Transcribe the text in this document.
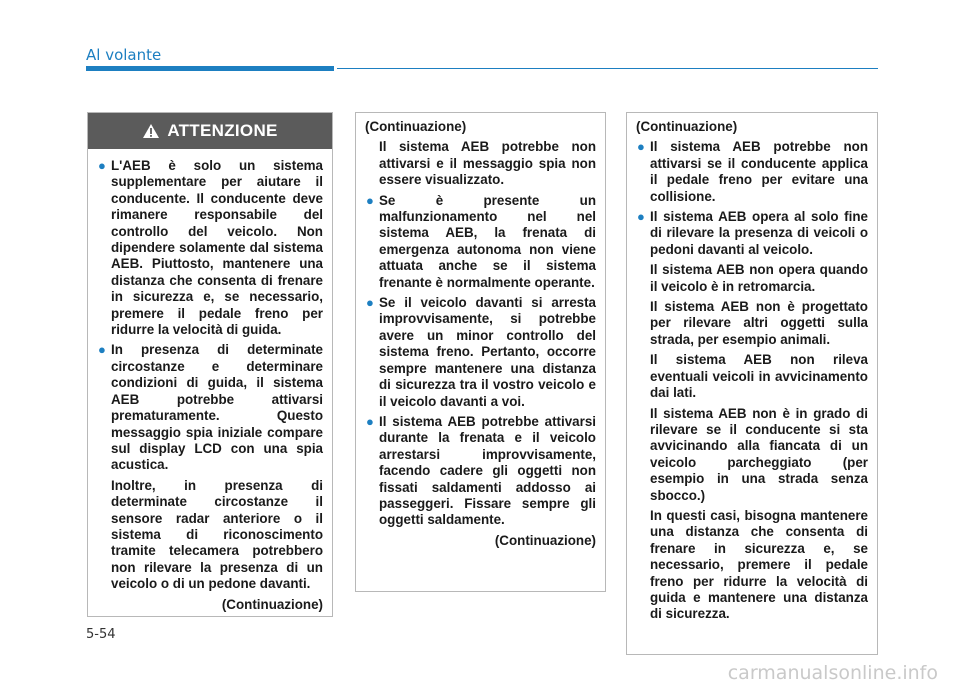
Al volante
ATTENZIONE
● L'AEB è solo un sistema supplementare per aiutare il conducente. Il conducente deve rimanere responsabile del controllo del veicolo. Non dipendere solamente dal sistema AEB. Piuttosto, mantenere una distanza che consenta di frenare in sicurezza e, se necessario, premere il pedale freno per ridurre la velocità di guida.
● In presenza di determinate circostanze e determinare condizioni di guida, il sistema AEB potrebbe attivarsi prematuramente. Questo messaggio spia iniziale compare sul display LCD con una spia acustica.
Inoltre, in presenza di determinate circostanze il sensore radar anteriore o il sistema di riconoscimento tramite telecamera potrebbero non rilevare la presenza di un veicolo o di un pedone davanti.
(Continuazione)
(Continuazione)
Il sistema AEB potrebbe non attivarsi e il messaggio spia non essere visualizzato.
● Se è presente un malfunzionamento nel nel sistema AEB, la frenata di emergenza autonoma non viene attuata anche se il sistema frenante è normalmente operante.
● Se il veicolo davanti si arresta improvvisamente, si potrebbe avere un minor controllo del sistema freno. Pertanto, occorre sempre mantenere una distanza di sicurezza tra il vostro veicolo e il veicolo davanti a voi.
● Il sistema AEB potrebbe attivarsi durante la frenata e il veicolo arrestarsi improvvisamente, facendo cadere gli oggetti non fissati saldamenti addosso ai passeggeri. Fissare sempre gli oggetti saldamente.
(Continuazione)
(Continuazione)
● Il sistema AEB potrebbe non attivarsi se il conducente applica il pedale freno per evitare una collisione.
● Il sistema AEB opera al solo fine di rilevare la presenza di veicoli o pedoni davanti al veicolo.
Il sistema AEB non opera quando il veicolo è in retromarcia.
Il sistema AEB non è progettato per rilevare altri oggetti sulla strada, per esempio animali.
Il sistema AEB non rileva eventuali veicoli in avvicinamento dai lati.
Il sistema AEB non è in grado di rilevare se il conducente si sta avvicinando alla fiancata di un veicolo parcheggiato (per esempio in una strada senza sbocco.)
In questi casi, bisogna mantenere una distanza che consenta di frenare in sicurezza e, se necessario, premere il pedale freno per ridurre la velocità di guida e mantenere una distanza di sicurezza.
5-54
carmanualsonline.info
